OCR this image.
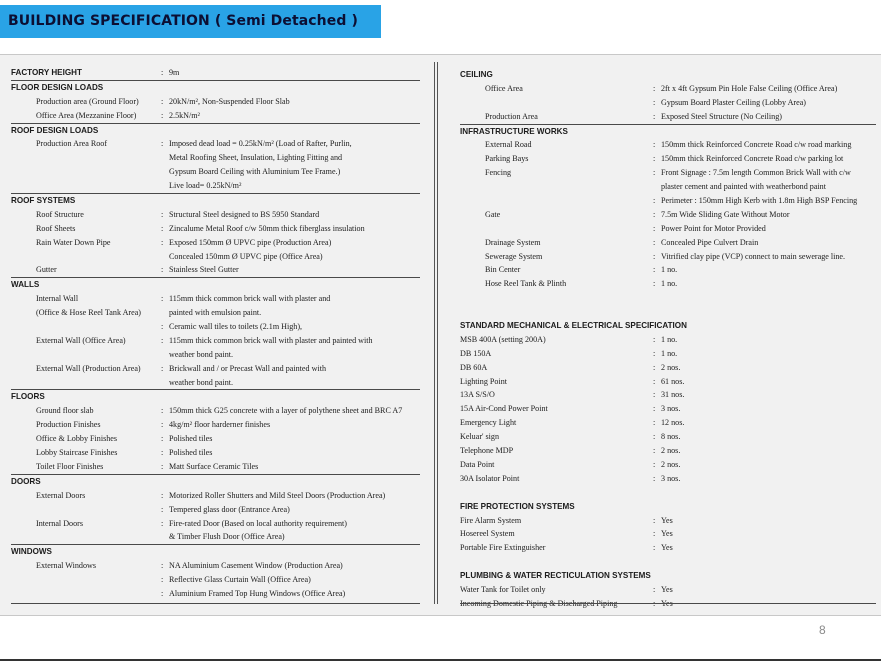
BUILDING SPECIFICATION ( Semi Detached )
FACTORY HEIGHT	: 9m
FLOOR DESIGN LOADS
Production area (Ground Floor)	: 20kN/m², Non-Suspended Floor Slab
Office Area (Mezzanine Floor)	: 2.5kN/m²
ROOF DESIGN LOADS
Production Area Roof	: Imposed dead load = 0.25kN/m² (Load of Rafter, Purlin,
Metal Roofing Sheet, Insulation, Lighting Fitting and
Gypsum Board Ceiling with Aluminium Tee Frame.)
Live load= 0.25kN/m²
ROOF SYSTEMS
Roof Structure	: Structural Steel designed to BS 5950 Standard
Roof Sheets	: Zincalume Metal Roof c/w 50mm thick fiberglass insulation
Rain Water Down Pipe	: Exposed 150mm Ø UPVC pipe (Production Area)
Concealed 150mm Ø UPVC pipe (Office Area)
Gutter	: Stainless Steel Gutter
WALLS
Internal Wall	: 115mm thick common brick wall with plaster and
(Office & Hose Reel Tank Area)	painted with emulsion paint.
: Ceramic wall tiles to toilets (2.1m High),
External Wall (Office Area)	: 115mm thick common brick wall with plaster and painted with
weather bond paint.
External Wall (Production Area)	: Brickwall and / or Precast Wall and painted with
weather bond paint.
FLOORS
Ground floor slab	: 150mm thick G25 concrete with a layer of polythene sheet and BRC A7
Production Finishes	: 4kg/m² floor harderner finishes
Office & Lobby Finishes	: Polished tiles
Lobby Staircase Finishes	: Polished tiles
Toilet Floor Finishes	: Matt Surface Ceramic Tiles
DOORS
External Doors	: Motorized Roller Shutters and Mild Steel Doors (Production Area)
: Tempered glass door (Entrance Area)
Internal Doors	: Fire-rated Door (Based on local authority requirement)
& Timber Flush Door (Office Area)
WINDOWS
External Windows	: NA Aluminium Casement Window (Production Area)
: Reflective Glass Curtain Wall (Office Area)
: Aluminium Framed Top Hung Windows (Office Area)
CEILING
Office Area	: 2ft x 4ft Gypsum Pin Hole False Ceiling (Office Area)
: Gypsum Board Plaster Ceiling (Lobby Area)
Production Area	: Exposed Steel Structure (No Ceiling)
INFRASTRUCTURE WORKS
External Road	: 150mm thick Reinforced Concrete Road c/w road marking
Parking Bays	: 150mm thick Reinforced Concrete Road c/w parking lot
Fencing	: Front Signage : 7.5m length Common Brick Wall with c/w
plaster cement and painted with weatherbond paint
: Perimeter : 150mm High Kerb with 1.8m High BSP Fencing
Gate	: 7.5m Wide Sliding Gate Without Motor
: Power Point for Motor Provided
Drainage System	: Concealed Pipe Culvert Drain
Sewerage System	: Vitrified clay pipe (VCP) connect to main sewerage line.
Bin Center	: 1 no.
Hose Reel Tank & Plinth	: 1 no.
STANDARD MECHANICAL & ELECTRICAL SPECIFICATION
MSB 400A (setting 200A)	: 1 no.
DB 150A	: 1 no.
DB 60A	: 2 nos.
Lighting Point	: 61 nos.
13A S/S/O	: 31 nos.
15A Air-Cond Power Point	: 3 nos.
Emergency Light	: 12 nos.
Keluar' sign	: 8 nos.
Telephone MDP	: 2 nos.
Data Point	: 2 nos.
30A Isolator Point	: 3 nos.
FIRE PROTECTION SYSTEMS
Fire Alarm System	: Yes
Hosereel System	: Yes
Portable Fire Extinguisher	: Yes
PLUMBING & WATER RECTICULATION SYSTEMS
Water Tank for Toilet only	: Yes
Incoming Domestic Piping & Discharged Piping	: Yes
8
